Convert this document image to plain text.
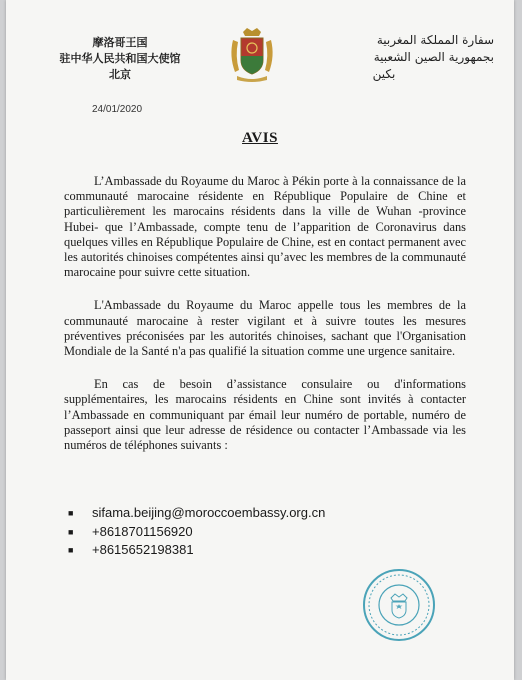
摩洛哥王国
驻中华人民共和国大使馆
北京
سفارة المملكة المغربية
بجمهورية الصين الشعبية
بكين
24/01/2020
AVIS

L’Ambassade du Royaume du Maroc à Pékin porte à la connaissance de la communauté marocaine résidente en République Populaire de Chine et particulièrement les marocains résidents dans la ville de Wuhan -province Hubei- que l’Ambassade, compte tenu de l’apparition de Coronavirus dans quelques villes en République Populaire de Chine, est en contact permanent avec les autorités chinoises compétentes ainsi qu’avec les membres de la communauté marocaine pour suivre cette situation.

L'Ambassade du Royaume du Maroc appelle tous les membres de la communauté marocaine à rester vigilant et à suivre toutes les mesures préventives préconisées par les autorités chinoises, sachant que l'Organisation Mondiale de la Santé n'a pas qualifié la situation comme une urgence sanitaire.

En cas de besoin d’assistance consulaire ou d'informations supplémentaires, les marocains résidents en Chine sont invités à contacter l’Ambassade en communiquant par émail leur numéro de portable, numéro de passeport ainsi que leur adresse de résidence ou contacter l’Ambassade via les numéros de téléphones suivants :

■	sifama.beijing@moroccoembassy.org.cn
■	+8618701156920
■	+8615652198381
